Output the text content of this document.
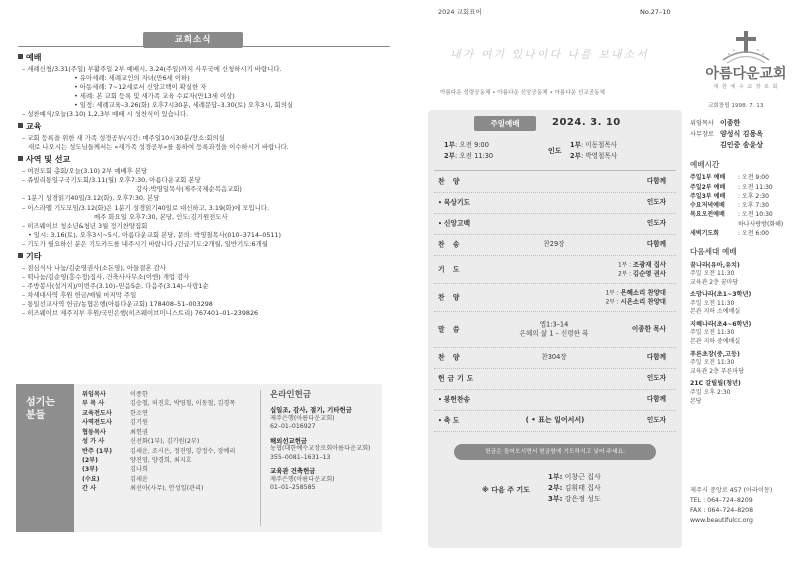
교회소식
예배
– 세례신청/3.31(주일) 부활주일 2부 예배시, 3.24(주일)까지 사무국에 신청하시기 바랍니다.
• 유아세례: 세례교인의 자녀(만6세 이하)
• 아동세례: 7~12세로서 신앙고백이 확실한 자
• 세례: 본 교회 등록 및 새가족 교육 수료자(만13세 이상)
• 일정: 세례교육–3.26(화) 오후7시30분, 세례문답–3.30(토) 오후3시, 회의실
– 성찬예식/오늘(3.10) 1,2,3부 예배 시 성찬식이 있습니다.
교육
– 교회 등록을 위한 새 가족 성경공부/시간: 매주일10시30분/장소:회의실
새로 나오시는 성도님들께서는 «새가족 성경공부»를 통하여 등록과정을 이수하시기 바랍니다.
사역 및 선교
– 여전도회 총회/오늘(3.10) 2부 예배후 본당
– 쥬빌리통일구국기도회/3.11(월) 오후7:30, 아름다운교회 본당
강사:박영일목사(제주국제순복음교회)
– 1분기 성경읽기40일/3.12(화), 오후7:30, 본당
– 이스라엘 기도모임/3.12(화)은 1분기 성경읽기40일로 대신하고, 3.19(화)에 모입니다.
매주 화요일 오후7:30, 본당, 인도:김기원전도사
– 히즈웨이브 청소년&청년 3월 정기찬양집회
• 일시: 3.16(토), 오후3시~5시, 아름다운교회 본당, 문의: 박영철목사(010–3714–0511)
– 기도가 필요하신 분은 기도카드를 내주시기 바랍니다./긴급기도:2개월, 일반기도:6개월
기타
– 점심식사 나눔/김순영권사(소돈영), 아들결혼 감사
– 떡나눔/김순영(흥수정)집사, 건축사사무소(이엔) 개업 감사
– 주방봉사(설거지)/이번주(3.10)–믿음5순, 다음주(3.14)–사랑1순
– 차세대사역 후원 헌금/매월 마지막 주일
– 통일선교사역 헌금/농협은행(아름다운교회) 178408–51–003298
– 히즈웨이브 제주지부 후원/국민은행(히즈웨이브미니스트리) 767401–01–239826
섬기는
분들
위임목사	이종한
부 목 사	김승철, 허진호, 박영철, 이동철, 김경목
교육전도사	한소연
사역전도사	김기원
협동목사	최헌권
성 가 사	신선화(1부), 김기원(2부)
반주 (1부)	김세운, 조시은, 정진영, 강정수, 장예리
(2부)	양진영, 양경희, 최지호
(3부)	김나희
(수요)	김세운
간 사	최선아(사무), 안성일(관리)
온라인헌금
십일조, 감사, 절기, 기타헌금
제주은행(아름다운교회)
62–01–016927
해외선교헌금
농협(대한예수교장로회아름다운교회)
355–0081–1631–13
교육관 건축헌금
제주은행(아름다운교회)
01–01–258585
2024 교회표어	No.27–10
내가 여기 있나이다 나를 보내소서
아름다운 성령공동체 • 아름다운 신앙공동체 • 아름다운 선교공동체
아름다운교회
대 한 예 수 교 장 로 회
교회창립 1998. 7. 13
주일예배	2024. 3. 10
1부: 오전 9:00
2부: 오전 11:30
인도
1부: 이동철목사
2부: 박영철목사
찬 양	다함께
• 묵상기도	인도자
• 신앙고백	인도자
찬 송	찬29장	다함께
기 도
1부 : 조광재 집사
2부 : 김순영 권사
찬 양
1부 : 은혜소리 찬양대
2부 : 시온소리 찬양대
말 씀
엡1:3–14
은혜의 삶 1 – 신령한 복
이종한 목사
찬 양	찬304장	다함께
헌금기도	인도자
• 봉헌찬송	다함께
• 축 도	인도자
( • 표는 일어서서)
헌금은 들어오시면서 헌금함에 기도하시고 넣어 주세요.
※ 다음 주 기도
1부: 이창근 집사
2부: 김휘태 집사
3부: 강은정 성도
위임목사 이종한
사무장로 양성식 김용옥
김인중 송윤상
예배시간
주일1부 예배 : 오전 9:00
주일2부 예배 : 오전 11:30
주일3부 예배 : 오후 2:30
수요저녁예배 : 오후 7:30
목요오전예배 : 오전 10:30
하나사랑방(화해)
새벽기도회	: 오전 6:00
다음세대 예배
꿈나라(유아,유치)
주일 오전 11:30
교육관 2층 꿈마당
소망나라(초1~3학년)
주일 오전 11:30
본관 지하 소예배실
지혜나라(초4~6학년)
주일 오전 11:30
본관 지하 중예배실
푸른초장(중,고등)
주일 오전 11:30
교육관 2층 푸른마당
21C 갈릴릴(청년)
주일 오후 2:30
본당
제주시 중앙로 457 (아라이동)
TEL : 064–724–8209
FAX : 064–724–8208
www.beautifulcc.org
